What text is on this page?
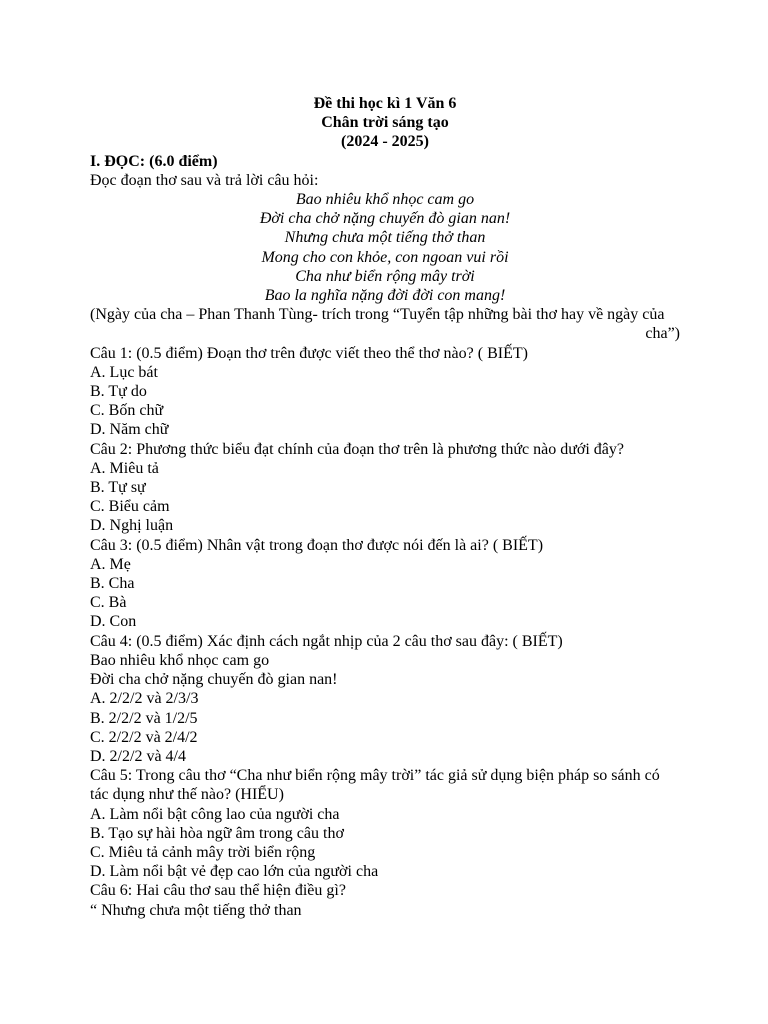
Đề thi học kì 1 Văn 6
Chân trời sáng tạo
(2024 - 2025)
I. ĐỌC: (6.0 điểm)
Đọc đoạn thơ sau và trả lời câu hỏi:
Bao nhiêu khổ nhọc cam go
Đời cha chở nặng chuyến đò gian nan!
Nhưng chưa một tiếng thở than
Mong cho con khỏe, con ngoan vui rồi
Cha như biển rộng mây trời
Bao la nghĩa nặng đời đời con mang!
(Ngày của cha – Phan Thanh Tùng- trích trong “Tuyển tập những bài thơ hay về ngày của
cha”)
Câu 1: (0.5 điểm) Đoạn thơ trên được viết theo thể thơ nào? ( BIẾT)
A. Lục bát
B. Tự do
C. Bốn chữ
D. Năm chữ
Câu 2: Phương thức biểu đạt chính của đoạn thơ trên là phương thức nào dưới đây?
A. Miêu tả
B. Tự sự
C. Biểu cảm
D. Nghị luận
Câu 3: (0.5 điểm) Nhân vật trong đoạn thơ được nói đến là ai? ( BIẾT)
A. Mẹ
B. Cha
C. Bà
D. Con
Câu 4: (0.5 điểm) Xác định cách ngắt nhịp của 2 câu thơ sau đây: ( BIẾT)
Bao nhiêu khổ nhọc cam go
Đời cha chở nặng chuyến đò gian nan!
A. 2/2/2 và 2/3/3
B. 2/2/2 và 1/2/5
C. 2/2/2 và 2/4/2
D. 2/2/2 và 4/4
Câu 5: Trong câu thơ “Cha như biển rộng mây trời” tác giả sử dụng biện pháp so sánh có tác dụng như thế nào? (HIỂU)
A. Làm nổi bật công lao của người cha
B. Tạo sự hài hòa ngữ âm trong câu thơ
C. Miêu tả cảnh mây trời biển rộng
D. Làm nổi bật vẻ đẹp cao lớn của người cha
Câu 6: Hai câu thơ sau thể hiện điều gì?
“ Nhưng chưa một tiếng thở than
